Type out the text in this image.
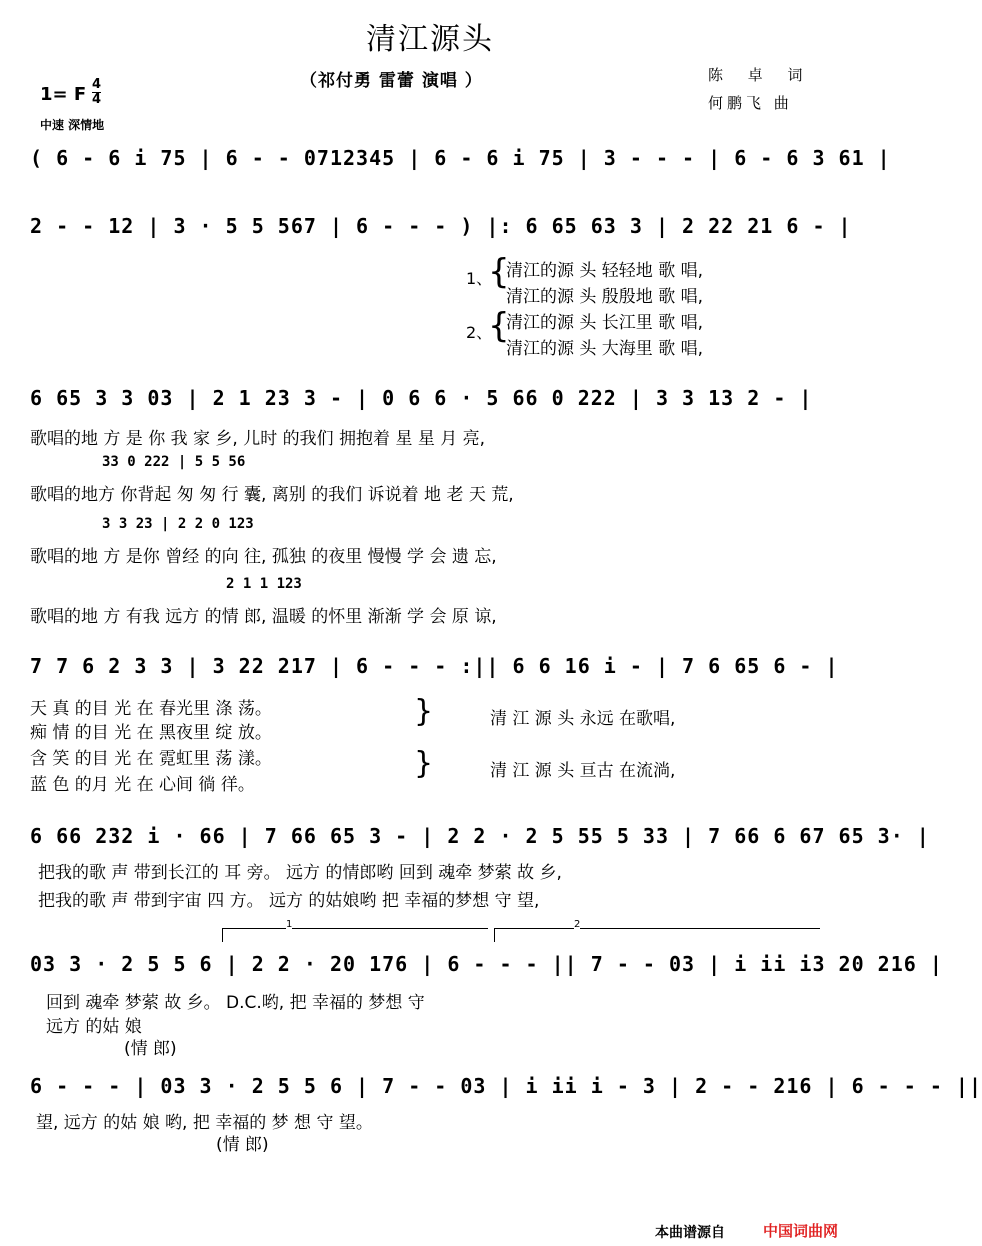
清江源头
（祁付勇 雷蕾 演唱 ）	陈 卓 词
何鹏飞 曲
1= F 4
4
中速 深情地
( 6 - 6 i 75 | 6 - - 0712345 | 6 - 6 i 75 | 3 - - - | 6 - 6 3 61 |
2 - - 12 | 3 · 5 5 567 | 6 - - - ) |: 6 65 63 3 | 2 22 21 6 - |
1、
{
清江的源 头 轻轻地 歌 唱,
清江的源 头 殷殷地 歌 唱,
2、
{
清江的源 头 长江里 歌 唱,
清江的源 头 大海里 歌 唱,
6 65 3 3 03 | 2 1 23 3 - | 0 6 6 · 5 66 0 222 | 3 3 13 2 - |
歌唱的地 方 是 你 我 家 乡, 儿时 的我们 拥抱着 星 星 月 亮,
33 0 222 | 5 5 56
歌唱的地方 你背起 匆 匆 行 囊, 离别 的我们 诉说着 地 老 天 荒,
3 3 23 | 2 2 0 123
歌唱的地 方 是你 曾经 的向 往, 孤独 的夜里 慢慢 学 会 遗 忘,
2 1 1 123
歌唱的地 方 有我 远方 的情 郎, 温暖 的怀里 渐渐 学 会 原 谅,
7 7 6 2 3 3 | 3 22 217 | 6 - - - :|| 6 6 16 i - | 7 6 65 6 - |
天 真 的目 光 在 春光里 涤 荡。
痴 情 的目 光 在 黑夜里 绽 放。
含 笑 的目 光 在 霓虹里 荡 漾。
蓝 色 的月 光 在 心间 徜 徉。
}
}
清 江 源 头 永远 在歌唱,
清 江 源 头 亘古 在流淌,
6 66 232 i · 66 | 7 66 65 3 - | 2 2 · 2 5 55 5 33 | 7 66 6 67 65 3· |
把我的歌 声 带到长江的 耳 旁。 远方 的情郎哟 回到 魂牵 梦萦 故 乡,
把我的歌 声 带到宇宙 四 方。 远方 的姑娘哟 把 幸福的梦想 守 望,
1	2
03 3 · 2 5 5 6 | 2 2 · 20 176 | 6 - - - || 7 - - 03 | i ii i3 20 216 |
回到 魂牵 梦萦 故 乡。 D.C.哟, 把 幸福的 梦想 守
远方 的姑 娘
(情 郎)
6 - - - | 03 3 · 2 5 5 6 | 7 - - 03 | i ii i - 3 | 2 - - 216 | 6 - - - ||
望, 远方 的姑 娘 哟, 把 幸福的 梦 想 守 望。
(情 郎)
本曲谱源自	中国词曲网
